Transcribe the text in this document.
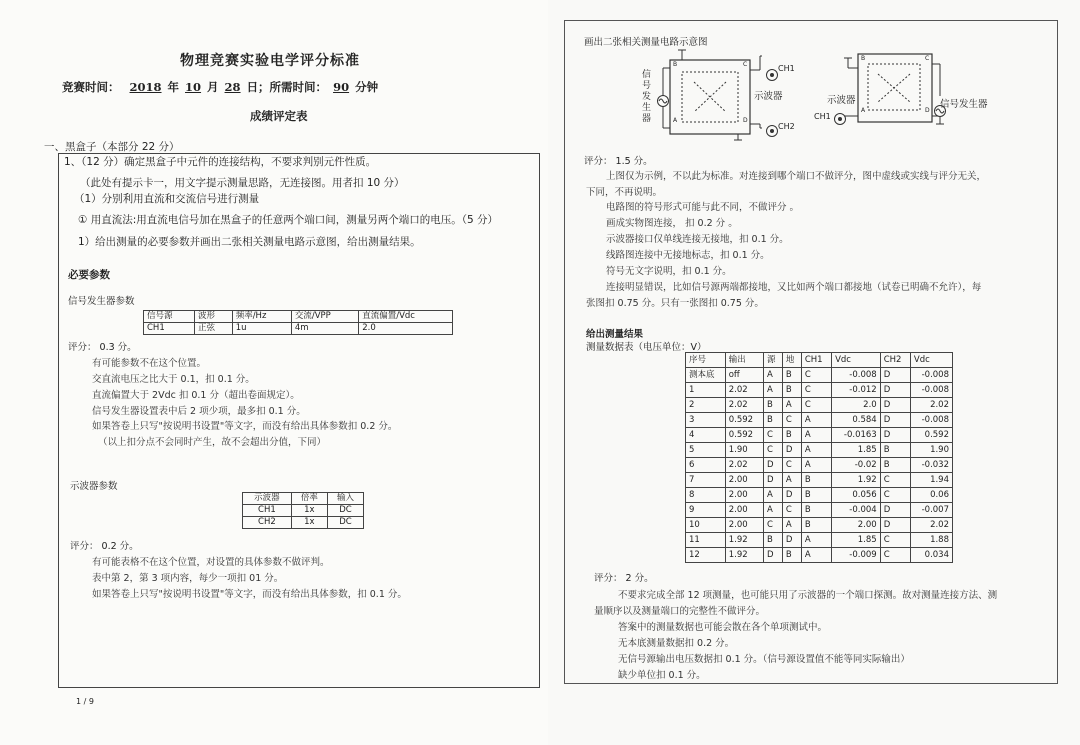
物理竞赛实验电学评分标准
竞赛时间： 2018 年 10 月 28 日；所需时间： 90 分钟
成绩评定表
一、黑盒子（本部分 22 分）
1、（12 分）确定黑盒子中元件的连接结构，不要求判别元件性质。
（此处有提示卡一，用文字提示测量思路，无连接图。用者扣 10 分）
（1）分别利用直流和交流信号进行测量
① 用直流法:用直流电信号加在黑盒子的任意两个端口间，测量另两个端口的电压。（5 分）
1）给出测量的必要参数并画出二张相关测量电路示意图，给出测量结果。
必要参数
信号发生器参数
信号源	波形	频率/Hz	交流/VPP	直流偏置/Vdc
CH1	正弦	1u	4m	2.0
评分： 0.3 分。
有可能参数不在这个位置。
交直流电压之比大于 0.1，扣 0.1 分。
直流偏置大于 2Vdc 扣 0.1 分（超出卷面规定）。
信号发生器设置表中后 2 项少项，最多扣 0.1 分。
如果答卷上只写"按说明书设置"等文字，而没有给出具体参数扣 0.2 分。
（以上扣分点不会同时产生，故不会超出分值，下同）
示波器参数
示波器	倍率	输入
CH1	1x	DC
CH2	1x	DC
评分： 0.2 分。
有可能表格不在这个位置，对设置的具体参数不做评判。
表中第 2，第 3 项内容，每少一项扣 01 分。
如果答卷上只写"按说明书设置"等文字，而没有给出具体参数，扣 0.1 分。
1 / 9
画出二张相关测量电路示意图
信号发生器
示波器
CH1
CH2
B	C
A	D
示波器	信号发生器
CH1
B	C
A	D
评分： 1.5 分。
上图仅为示例，不以此为标准。对连接到哪个端口不做评分，图中虚线或实线与评分无关，
下同，不再说明。
电路图的符号形式可能与此不同，不做评分 。
画成实物图连接， 扣 0.2 分 。
示波器接口仅单线连接无接地，扣 0.1 分。
线路图连接中无接地标志，扣 0.1 分。
符号无文字说明，扣 0.1 分。
连接明显错误，比如信号源两端都接地，又比如两个端口都接地（试卷已明确不允许），每
张图扣 0.75 分。只有一张图扣 0.75 分。
给出测量结果
测量数据表（电压单位：V）
序号	输出	源	地	CH1	Vdc	CH2	Vdc
测本底	off	A	B	C	-0.008	D	-0.008
1	2.02	A	B	C	-0.012	D	-0.008
2	2.02	B	A	C	2.0	D	2.02
3	0.592	B	C	A	0.584	D	-0.008
4	0.592	C	B	A	-0.0163	D	0.592
5	1.90	C	D	A	1.85	B	1.90
6	2.02	D	C	A	-0.02	B	-0.032
7	2.00	D	A	B	1.92	C	1.94
8	2.00	A	D	B	0.056	C	0.06
9	2.00	A	C	B	-0.004	D	-0.007
10	2.00	C	A	B	2.00	D	2.02
11	1.92	B	D	A	1.85	C	1.88
12	1.92	D	B	A	-0.009	C	0.034
评分： 2 分。
不要求完成全部 12 项测量，也可能只用了示波器的一个端口探测。故对测量连接方法、测
量顺序以及测量端口的完整性不做评分。
答案中的测量数据也可能会散在各个单项测试中。
无本底测量数据扣 0.2 分。
无信号源输出电压数据扣 0.1 分。（信号源设置值不能等同实际输出）
缺少单位扣 0.1 分。
